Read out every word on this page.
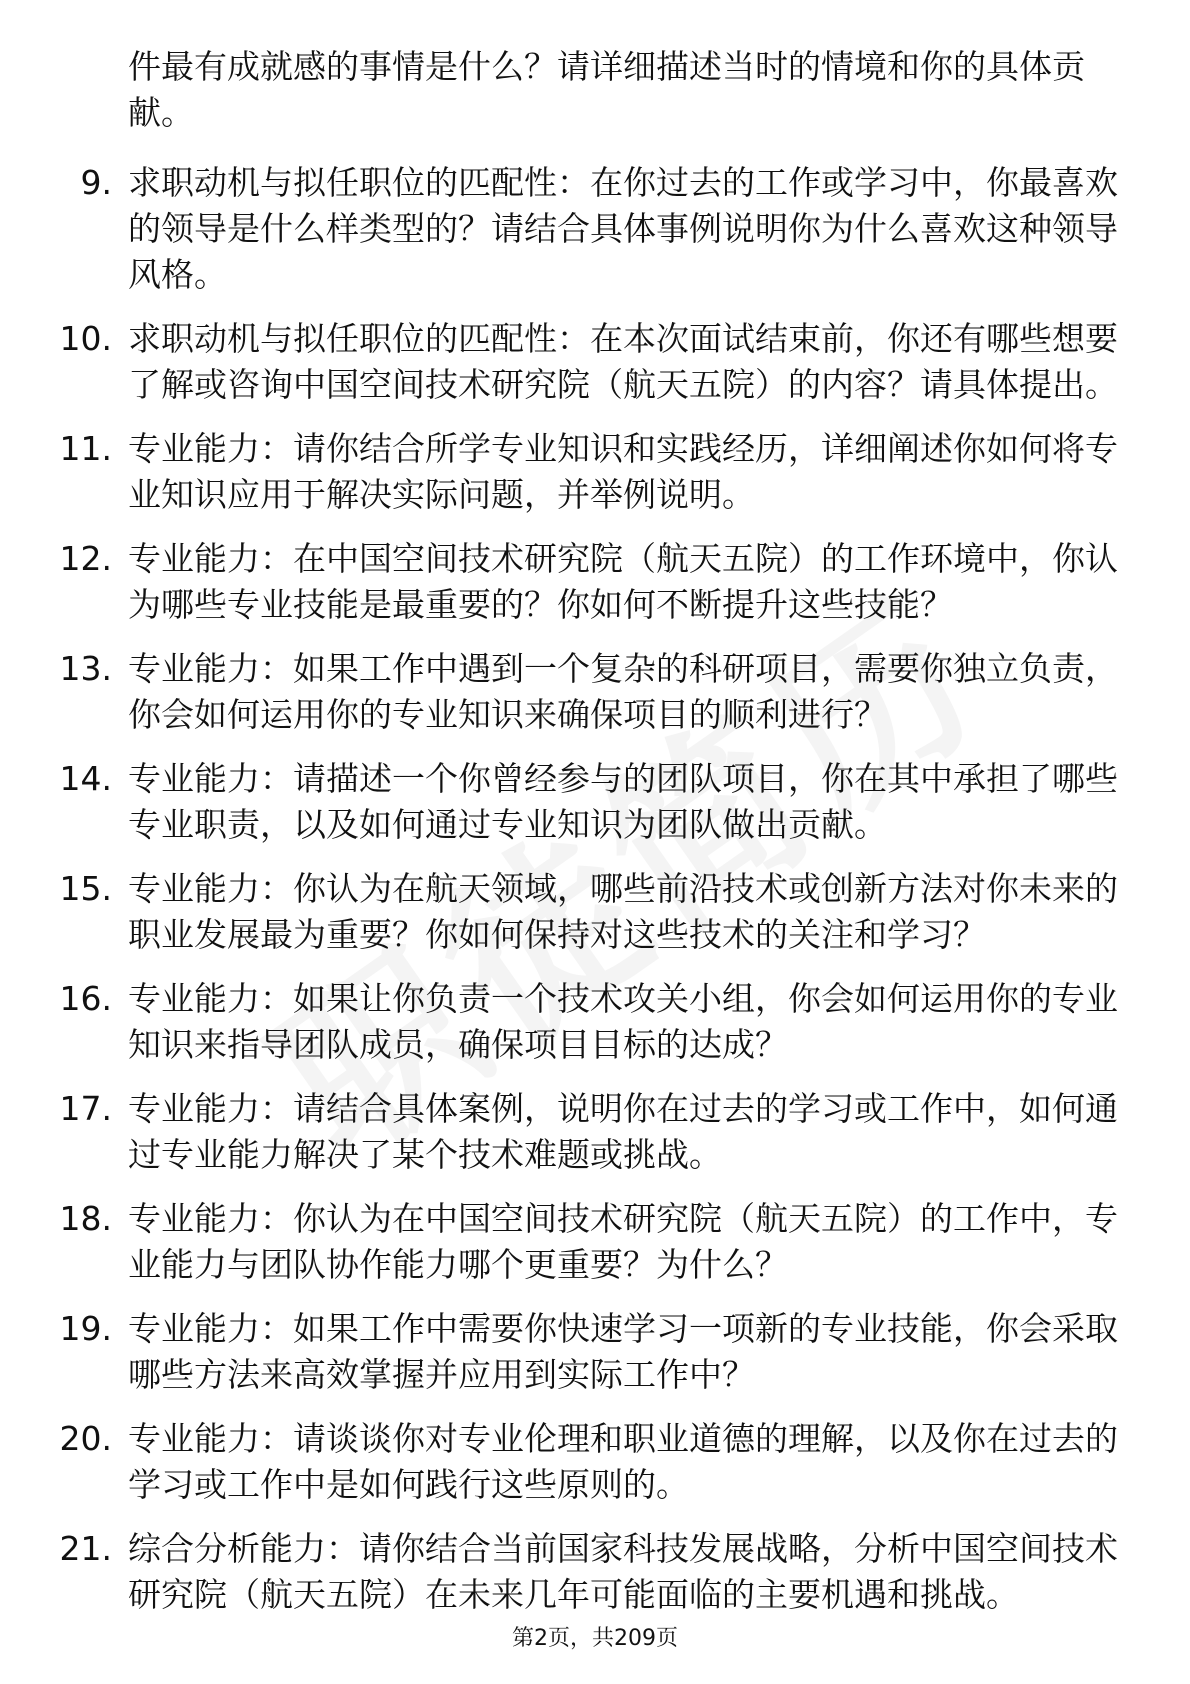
件最有成就感的事情是什么？请详细描述当时的情境和你的具体贡献。

9. 求职动机与拟任职位的匹配性：在你过去的工作或学习中，你最喜欢的领导是什么样类型的？请结合具体事例说明你为什么喜欢这种领导风格。
10. 求职动机与拟任职位的匹配性：在本次面试结束前，你还有哪些想要了解或咨询中国空间技术研究院（航天五院）的内容？请具体提出。
11. 专业能力：请你结合所学专业知识和实践经历，详细阐述你如何将专业知识应用于解决实际问题，并举例说明。
12. 专业能力：在中国空间技术研究院（航天五院）的工作环境中，你认为哪些专业技能是最重要的？你如何不断提升这些技能？
13. 专业能力：如果工作中遇到一个复杂的科研项目，需要你独立负责，你会如何运用你的专业知识来确保项目的顺利进行？
14. 专业能力：请描述一个你曾经参与的团队项目，你在其中承担了哪些专业职责，以及如何通过专业知识为团队做出贡献。
15. 专业能力：你认为在航天领域，哪些前沿技术或创新方法对你未来的职业发展最为重要？你如何保持对这些技术的关注和学习？
16. 专业能力：如果让你负责一个技术攻关小组，你会如何运用你的专业知识来指导团队成员，确保项目目标的达成？
17. 专业能力：请结合具体案例，说明你在过去的学习或工作中，如何通过专业能力解决了某个技术难题或挑战。
18. 专业能力：你认为在中国空间技术研究院（航天五院）的工作中，专业能力与团队协作能力哪个更重要？为什么？
19. 专业能力：如果工作中需要你快速学习一项新的专业技能，你会采取哪些方法来高效掌握并应用到实际工作中？
20. 专业能力：请谈谈你对专业伦理和职业道德的理解，以及你在过去的学习或工作中是如何践行这些原则的。
21. 综合分析能力：请你结合当前国家科技发展战略，分析中国空间技术研究院（航天五院）在未来几年可能面临的主要机遇和挑战。
第2页，共209页
